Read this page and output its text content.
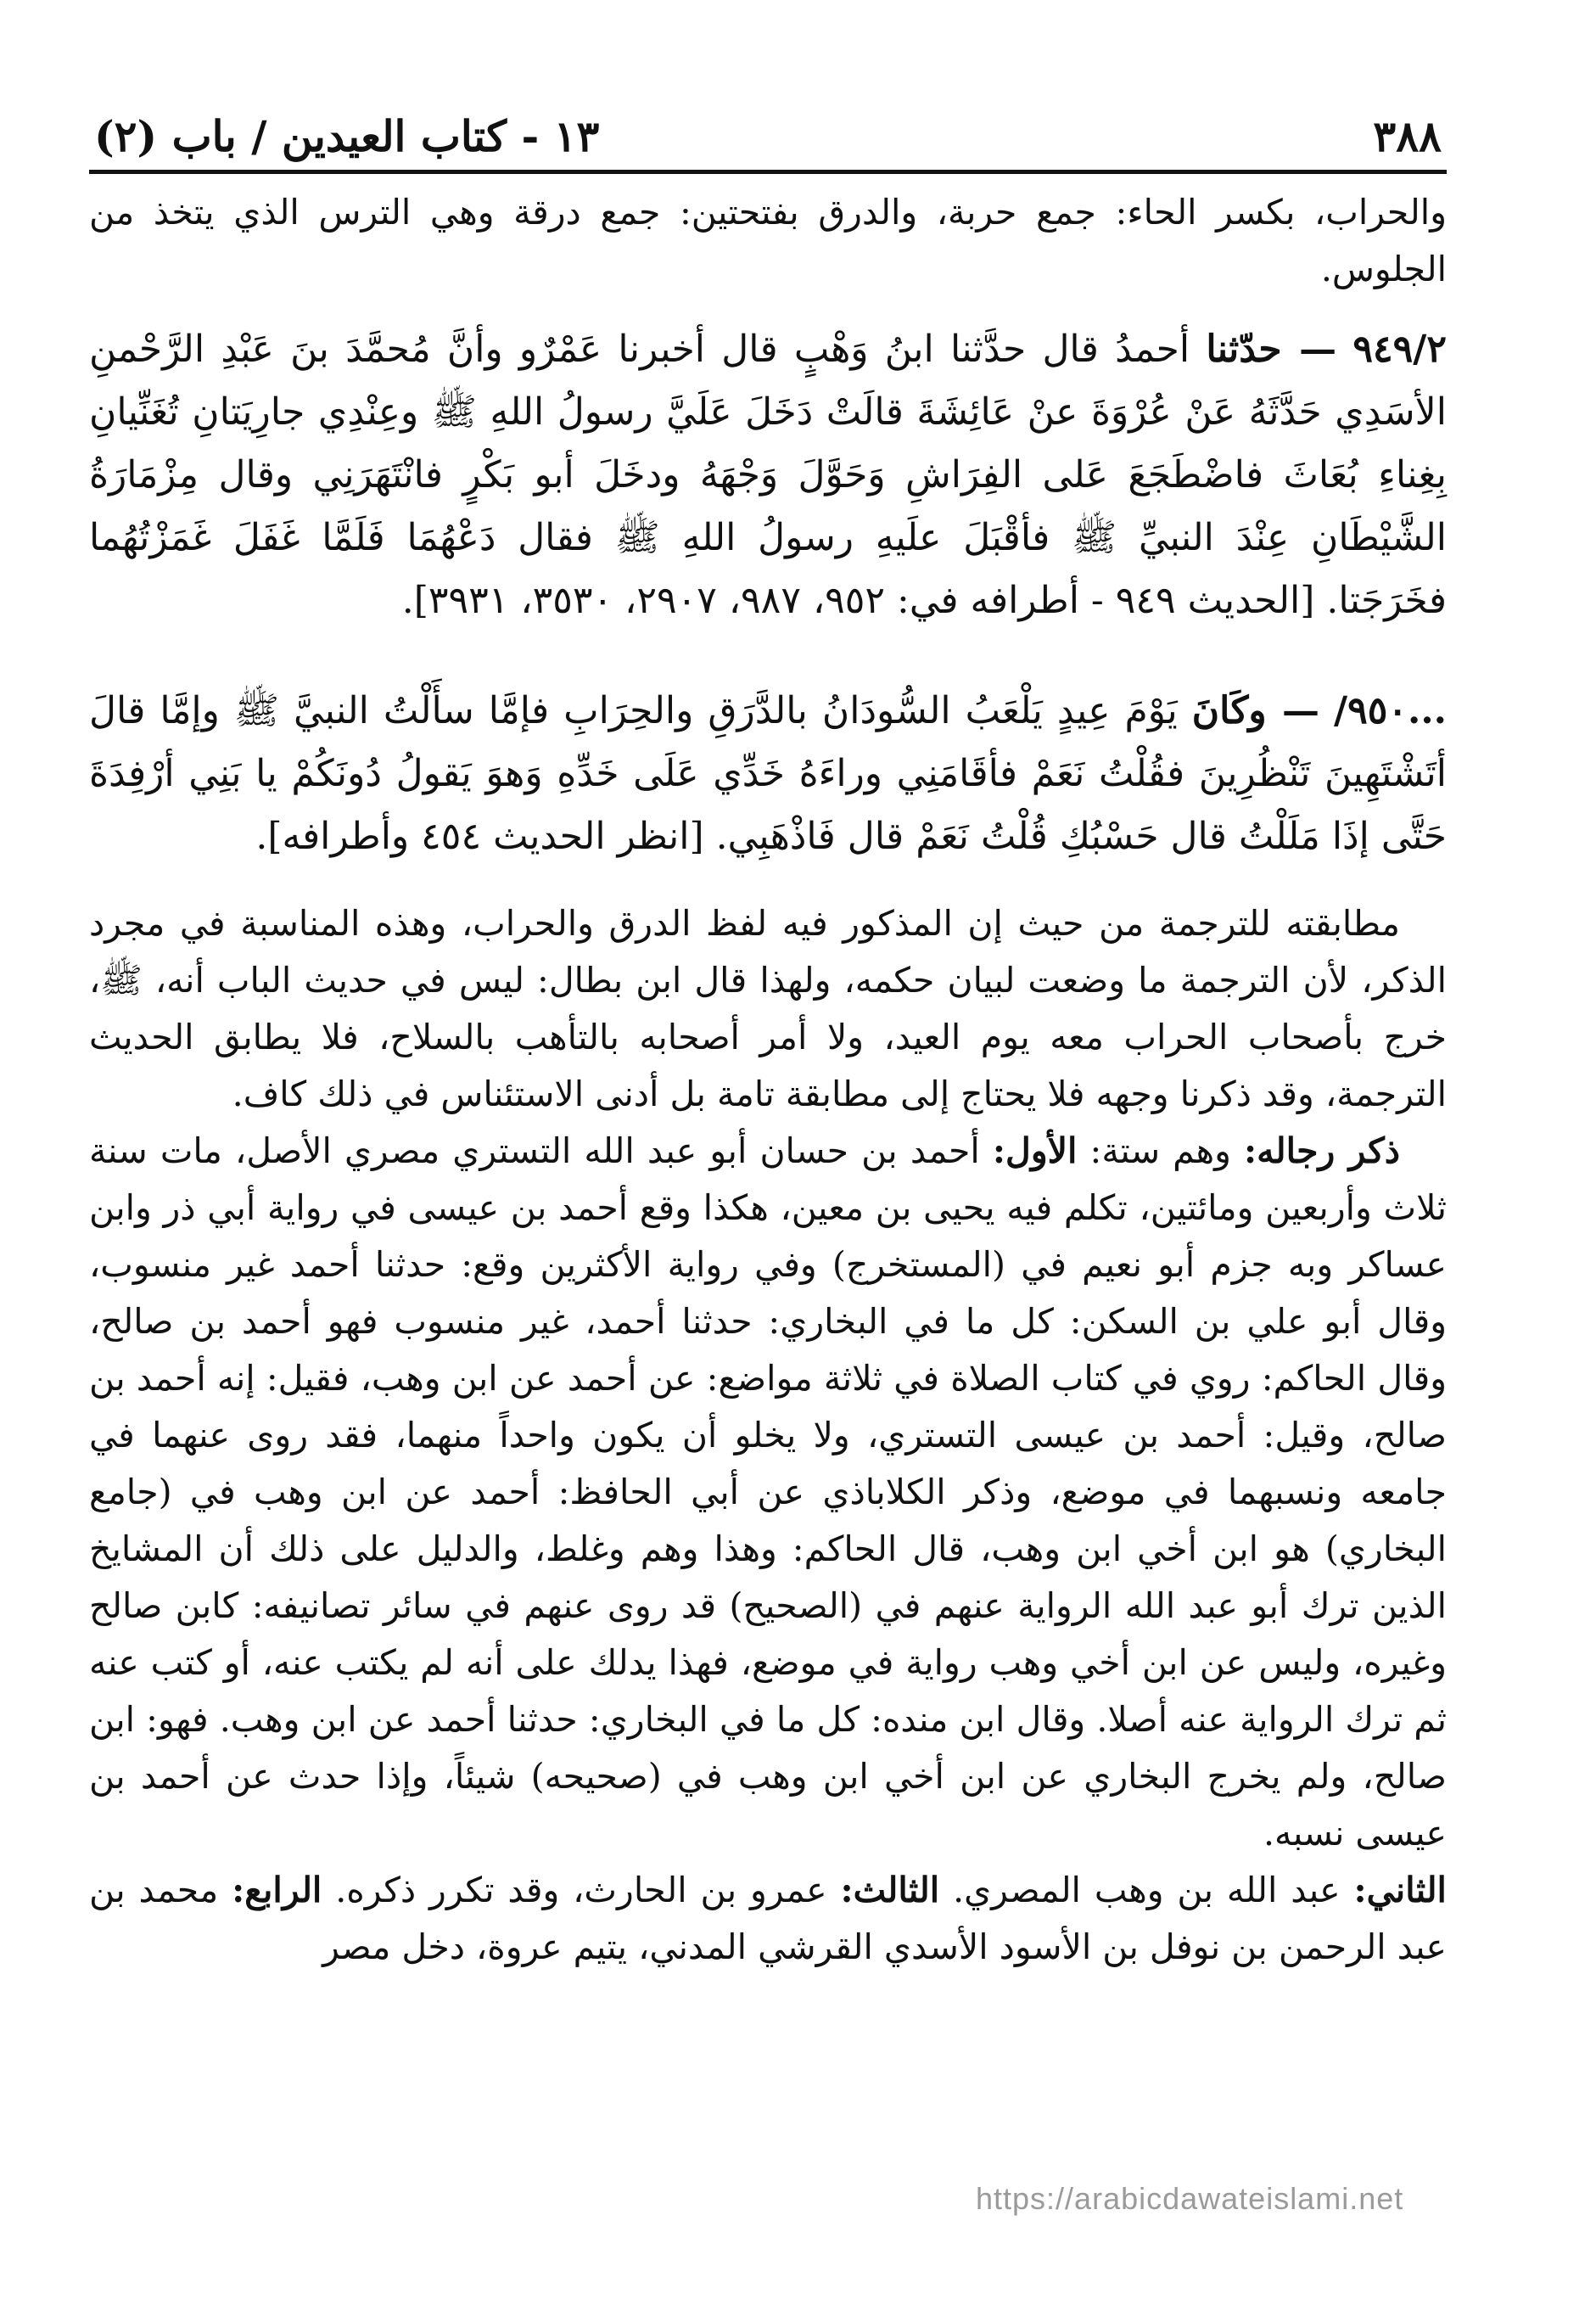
٣٨٨
١٣ - كتاب العيدين / باب (٢)

والحراب، بكسر الحاء: جمع حربة، والدرق بفتحتين: جمع درقة وهي الترس الذي يتخذ من الجلوس.

٩٤٩/٢ — حدّثنا أحمدُ قال حدَّثنا ابنُ وَهْبٍ قال أخبرنا عَمْرٌو وأنَّ مُحمَّدَ بنَ عَبْدِ الرَّحْمنِ الأسَدِي حَدَّثَهُ عَنْ عُرْوَةَ عنْ عَائِشَةَ قالَتْ دَخَلَ عَلَيَّ رسولُ اللهِ ﷺ وعِنْدِي جارِيَتانِ تُغَنِّيانِ بِغِناءِ بُعَاثَ فاضْطَجَعَ عَلى الفِرَاشِ وَحَوَّلَ وَجْهَهُ ودخَلَ أبو بَكْرٍ فانْتَهَرَنِي وقال مِزْمَارَةُ الشَّيْطَانِ عِنْدَ النبيِّ ﷺ فأقْبَلَ علَيهِ رسولُ اللهِ ﷺ فقال دَعْهُمَا فَلَمَّا غَفَلَ غَمَزْتُهُما فخَرَجَتا. [الحديث ٩٤٩ - أطرافه في: ٩٥٢، ٩٨٧، ٢٩٠٧، ٣٥٣٠، ٣٩٣١].

...٩٥٠/ — وكَانَ يَوْمَ عِيدٍ يَلْعَبُ السُّودَانُ بالدَّرَقِ والحِرَابِ فإمَّا سأَلْتُ النبيَّ ﷺ وإمَّا قالَ أتَشْتَهِينَ تَنْظُرِينَ فقُلْتُ نَعَمْ فأقَامَنِي وراءَهُ خَدِّي عَلَى خَدِّهِ وَهوَ يَقولُ دُونَكُمْ يا بَنِي أرْفِدَةَ حَتَّى إذَا مَلَلْتُ قال حَسْبُكِ قُلْتُ نَعَمْ قال فَاذْهَبِي. [انظر الحديث ٤٥٤ وأطرافه].

مطابقته للترجمة من حيث إن المذكور فيه لفظ الدرق والحراب، وهذه المناسبة في مجرد الذكر، لأن الترجمة ما وضعت لبيان حكمه، ولهذا قال ابن بطال: ليس في حديث الباب أنه، ﷺ، خرج بأصحاب الحراب معه يوم العيد، ولا أمر أصحابه بالتأهب بالسلاح، فلا يطابق الحديث الترجمة، وقد ذكرنا وجهه فلا يحتاج إلى مطابقة تامة بل أدنى الاستئناس في ذلك كاف.

ذكر رجاله: وهم ستة: الأول: أحمد بن حسان أبو عبد الله التستري مصري الأصل، مات سنة ثلاث وأربعين ومائتين، تكلم فيه يحيى بن معين، هكذا وقع أحمد بن عيسى في رواية أبي ذر وابن عساكر وبه جزم أبو نعيم في (المستخرج) وفي رواية الأكثرين وقع: حدثنا أحمد غير منسوب، وقال أبو علي بن السكن: كل ما في البخاري: حدثنا أحمد، غير منسوب فهو أحمد بن صالح، وقال الحاكم: روي في كتاب الصلاة في ثلاثة مواضع: عن أحمد عن ابن وهب، فقيل: إنه أحمد بن صالح، وقيل: أحمد بن عيسى التستري، ولا يخلو أن يكون واحداً منهما، فقد روى عنهما في جامعه ونسبهما في موضع، وذكر الكلاباذي عن أبي الحافظ: أحمد عن ابن وهب في (جامع البخاري) هو ابن أخي ابن وهب، قال الحاكم: وهذا وهم وغلط، والدليل على ذلك أن المشايخ الذين ترك أبو عبد الله الرواية عنهم في (الصحيح) قد روى عنهم في سائر تصانيفه: كابن صالح وغيره، وليس عن ابن أخي وهب رواية في موضع، فهذا يدلك على أنه لم يكتب عنه، أو كتب عنه ثم ترك الرواية عنه أصلا. وقال ابن منده: كل ما في البخاري: حدثنا أحمد عن ابن وهب. فهو: ابن صالح، ولم يخرج البخاري عن ابن أخي ابن وهب في (صحيحه) شيئاً، وإذا حدث عن أحمد بن عيسى نسبه.

الثاني: عبد الله بن وهب المصري. الثالث: عمرو بن الحارث، وقد تكرر ذكره. الرابع: محمد بن عبد الرحمن بن نوفل بن الأسود الأسدي القرشي المدني، يتيم عروة، دخل مصر

https://arabicdawateislami.net
